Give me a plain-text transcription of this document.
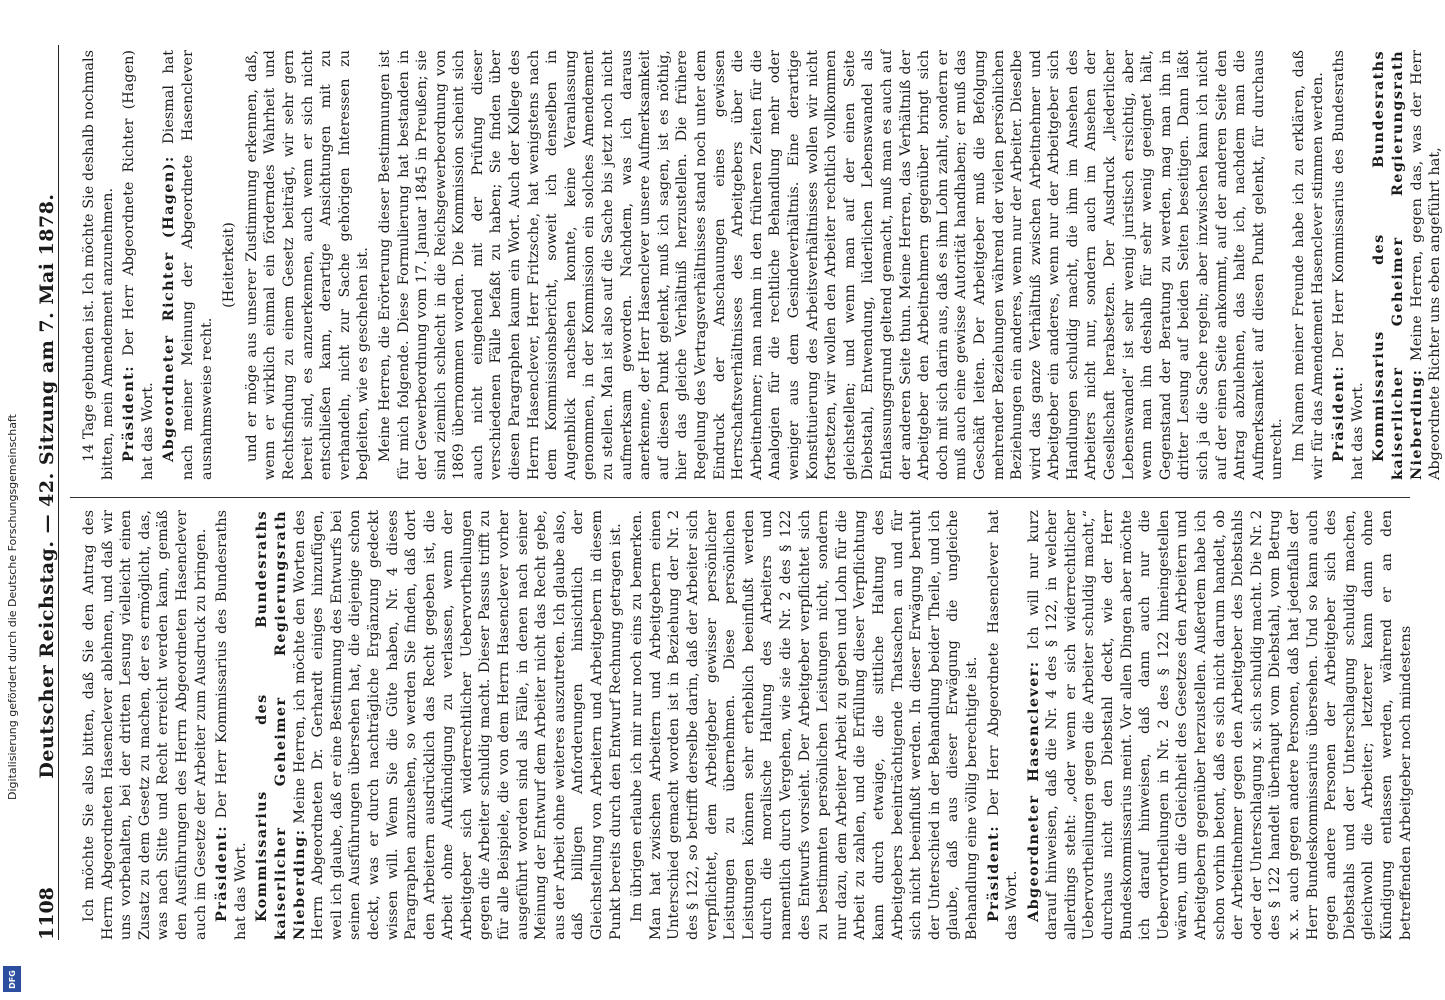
1108
Deutscher Reichstag. — 42. Sitzung am 7. Mai 1878. Ich möchte Sie also bitten, daß Sie den Antrag des Herrn Abgeordneten Hasenclever ablehnen, und daß wir uns vorbehalten, bei der dritten Lesung vielleicht einen Zusatz zu dem Gesetz zu machen, der es ermöglicht, das, was nach Sitte und Recht erreicht werden kann, gemäß den Ausführungen des Herrn Abgeordneten Hasenclever auch im Gesetze der Arbeiter zum Ausdruck zu bringen. Präsident: Der Herr Kommissarius des Bundesraths hat das Wort. Kommissarius des Bundesraths kaiserlicher Geheimer Regierungsrath Nieberding: Meine Herren, ich möchte den Worten des Herrn Abgeordneten Dr. Gerhardt einiges hinzufügen, weil ich glaube, daß er eine Bestimmung des Entwurfs bei seinen Ausführungen übersehen hat, die diejenige schon deckt, was er durch nachträgliche Ergänzung gedeckt wissen will. Wenn Sie die Güte haben, Nr. 4 dieses Paragraphen anzusehen, so werden Sie finden, daß dort den Arbeitern ausdrücklich das Recht gegeben ist, die Arbeit ohne Aufkündigung zu verlassen, wenn der Arbeitgeber sich widerrechtlicher Uebervortheilungen gegen die Arbeiter schuldig macht. Dieser Passus trifft zu für alle Beispiele, die von dem Herrn Hasenclever vorher ausgeführt worden sind als Fälle, in denen nach seiner Meinung der Entwurf dem Arbeiter nicht das Recht gebe, aus der Arbeit ohne weiteres auszutreten. Ich glaube also, daß billigen Anforderungen hinsichtlich der Gleichstellung von Arbeitern und Arbeitgebern in diesem Punkt bereits durch den Entwurf Rechnung getragen ist. Im übrigen erlaube ich mir nur noch eins zu bemerken. Man hat zwischen Arbeitern und Arbeitgebern einen Unterschied gemacht worden ist in Beziehung der Nr. 2 des § 122, so betrifft derselbe darin, daß der Arbeiter sich verpflichtet, dem Arbeitgeber gewisser persönlicher Leistungen zu übernehmen. Diese persönlichen Leistungen können sehr erheblich beeinflußt werden durch die moralische Haltung des Arbeiters und namentlich durch Vergehen, wie sie die Nr. 2 des § 122 des Entwurfs vorsieht. Der Arbeitgeber verpflichtet sich zu bestimmten persönlichen Leistungen nicht, sondern nur dazu, dem Arbeiter Arbeit zu geben und Lohn für die Arbeit zu zahlen, und die Erfüllung dieser Verpflichtung kann durch etwaige, die sittliche Haltung des Arbeitgebers beeinträchtigende Thatsachen an und für sich nicht beeinflußt werden. In dieser Erwägung beruht der Unterschied in der Behandlung beider Theile, und ich glaube, daß aus dieser Erwägung die ungleiche Behandlung eine völlig berechtigte ist. Präsident: Der Herr Abgeordnete Hasenclever hat das Wort. Abgeordneter Hasenclever: Ich will nur kurz darauf hinweisen, daß die Nr. 4 des § 122, in welcher allerdings steht: „oder wenn er sich widerrechtlicher Uebervortheilungen gegen die Arbeiter schuldig macht,“ durchaus nicht den Diebstahl deckt, wie der Herr Bundeskommissarius meint. Vor allen Dingen aber möchte ich darauf hinweisen, daß dann auch nur die Uebervortheilungen in Nr. 2 des § 122 hineingestellen wären, um die Gleichheit des Gesetzes den Arbeitern und Arbeitgebern gegenüber herzustellen. Außerdem habe ich schon vorhin betont, daß es sich nicht darum handelt, ob der Arbeitnehmer gegen den Arbeitgeber des Diebstahls oder der Unterschlagung x. sich schuldig macht. Die Nr. 2 des § 122 handelt überhaupt vom Diebstahl, vom Betrug x. x. auch gegen andere Personen, daß hat jedenfalls der Herr Bundeskommissarius übersehen. Und so kann auch gegen andere Personen der Arbeitgeber sich des Diebstahls und der Unterschlagung schuldig machen, gleichwohl die Arbeiter; letzterer kann dann ohne Kündigung entlassen werden, während er an den betreffenden Arbeitgeber noch mindestens

14 Tage gebunden ist. Ich möchte Sie deshalb nochmals bitten, mein Amendement anzunehmen. Präsident: Der Herr Abgeordnete Richter (Hagen) hat das Wort. Abgeordneter Richter (Hagen): Diesmal hat nach meiner Meinung der Abgeordnete Hasenclever ausnahmsweise recht.

(Heiterkeit) und er möge aus unserer Zustimmung erkennen, daß, wenn er wirklich einmal ein förderndes Wahrheit und Rechtsfindung zu einem Gesetz beiträgt, wir sehr gern bereit sind, es anzuerkennen, auch wenn er sich nicht entschließen kann, derartige Ansichtungen mit zu verhandeln, nicht zur Sache gehörigen Interessen zu begleiten, wie es geschehen ist. Meine Herren, die Erörterung dieser Bestimmungen ist für mich folgende. Diese Formulierung hat bestanden in der Gewerbeordnung vom 17. Januar 1845 in Preußen; sie sind ziemlich schlecht in die Reichsgewerbeordnung von 1869 übernommen worden. Die Kommission scheint sich auch nicht eingehend mit der Prüfung dieser verschiedenen Fälle befaßt zu haben; Sie finden über diesen Paragraphen kaum ein Wort. Auch der Kollege des Herrn Hasenclever, Herr Fritzsche, hat wenigstens nach dem Kommissionsbericht, soweit ich denselben in Augenblick nachsehen konnte, keine Veranlassung genommen, in der Kommission ein solches Amendement zu stellen. Man ist also auf die Sache bis jetzt noch nicht aufmerksam geworden. Nachdem, was ich daraus anerkenne, der Herr Hasenclever unsere Aufmerksamkeit auf diesen Punkt gelenkt, muß ich sagen, ist es nöthig, hier das gleiche Verhältniß herzustellen. Die frühere Regelung des Vertragsverhältnisses stand noch unter dem Eindruck der Anschauungen eines gewissen Herrschaftsverhältnisses des Arbeitgebers über die Arbeitnehmer; man nahm in den früheren Zeiten für die Analogien für die rechtliche Behandlung mehr oder weniger aus dem Gesindeverhältnis. Eine derartige Konstituierung des Arbeitsverhältnisses wollen wir nicht fortsetzen, wir wollen den Arbeiter rechtlich vollkommen gleichstellen; und wenn man auf der einen Seite Diebstahl, Entwendung, lüderlichen Lebenswandel als Entlassungsgrund geltend gemacht, muß man es auch auf der anderen Seite thun. Meine Herren, das Verhältniß der Arbeitgeber den Arbeitnehmern gegenüber bringt sich doch mit sich darin aus, daß es ihm Lohn zahlt, sondern er muß auch eine gewisse Autorität handhaben; er muß das Geschäft leiten. Der Arbeitgeber muß die Befolgung mehrender Beziehungen während der vielen persönlichen Beziehungen ein anderes, wenn nur der Arbeiter. Dieselbe wird das ganze Verhältniß zwischen Arbeitnehmer und Arbeitgeber ein anderes, wenn nur der Arbeitgeber sich Handlungen schuldig macht, die ihm im Ansehen des Arbeiters nicht nur, sondern auch im Ansehen der Gesellschaft herabsetzen. Der Ausdruck „liederlicher Lebenswandel“ ist sehr wenig juristisch ersichtig, aber wenn man ihn deshalb für sehr wenig geeignet hält, Gegenstand der Beratung zu werden, mag man ihn in dritter Lesung auf beiden Seiten beseitigen. Dann läßt sich ja die Sache regeln; aber inzwischen kann ich nicht auf der einen Seite ankommt, auf der anderen Seite den Antrag abzulehnen, das halte ich, nachdem man die Aufmerksamkeit auf diesen Punkt gelenkt, für durchaus unrecht. Im Namen meiner Freunde habe ich zu erklären, daß wir für das Amendement Hasenclever stimmen werden. Präsident: Der Herr Kommissarius des Bundesraths hat das Wort. Kommissarius des Bundesraths kaiserlicher Geheimer Regierungsrath Nieberding: Meine Herren, gegen das, was der Herr Abgeordnete Richter uns eben angeführt hat,

Digitalisierung gefördert durch die Deutsche Forschungsgemeinschaft
DFG
